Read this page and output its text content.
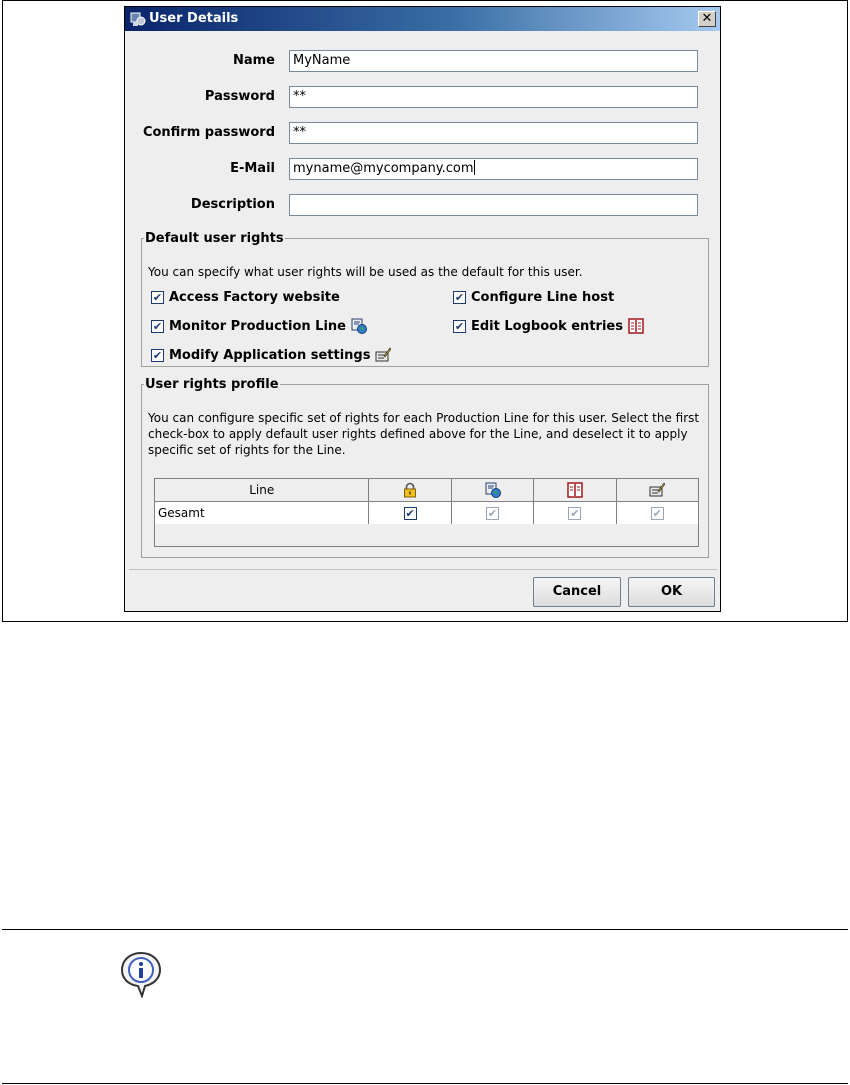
User Details	✕
Name	MyName
Password	**
Confirm password	**
E-Mail	myname@mycompany.com
Description
Default user rights
You can specify what user rights will be used as the default for this user.
✔ Access Factory website	✔ Configure Line host
✔ Monitor Production Line	✔ Edit Logbook entries
✔ Modify Application settings
User rights profile
You can configure specific set of rights for each Production Line for this user. Select the first check-box to apply default user rights defined above for the Line, and deselect it to apply specific set of rights for the Line.
Line				
Gesamt	✔	✔	✔	✔
Cancel	OK
